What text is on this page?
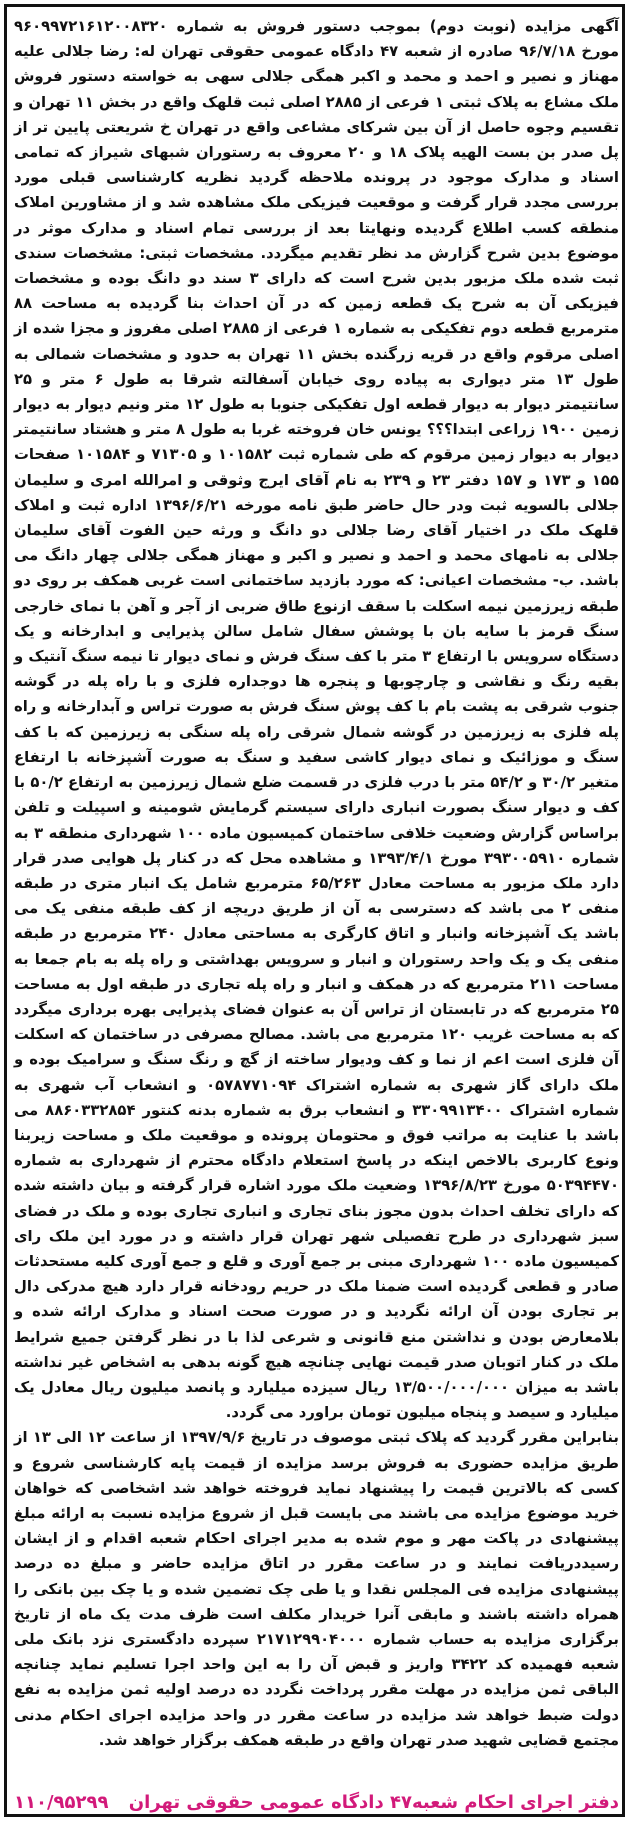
آگهی مزایده (نوبت دوم) بموجب دستور فروش به شماره ۹۶۰۹۹۷۲۱۶۱۲۰۰۸۳۲۰ مورخ ۹۶/۷/۱۸ صادره از شعبه ۴۷ دادگاه عمومی حقوقی تهران له: رضا جلالی علیه مهناز و نصیر و احمد و محمد و اکبر همگی جلالی سهی به خواسته دستور فروش ملک مشاع به پلاک ثبتی ۱ فرعی از ۲۸۸۵ اصلی ثبت قلهک واقع در بخش ۱۱ تهران و تقسیم وجوه حاصل از آن بین شرکای مشاعی واقع در تهران خ شریعتی پایین تر از پل صدر بن بست الهیه پلاک ۱۸ و ۲۰ معروف به رستوران شبهای شیراز که تمامی اسناد و مدارک موجود در پرونده ملاحظه گردید نظریه کارشناسی قبلی مورد بررسی مجدد قرار گرفت و موقعیت فیزیکی ملک مشاهده شد و از مشاورین املاک منطقه کسب اطلاع گردیده ونهایتا بعد از بررسی تمام اسناد و مدارک موثر در موضوع بدین شرح گزارش مد نظر تقدیم میگردد. مشخصات ثبتی: مشخصات سندی ثبت شده ملک مزبور بدین شرح است که دارای ۳ سند دو دانگ بوده و مشخصات فیزیکی آن به شرح یک قطعه زمین که در آن احداث بنا گردیده به مساحت ۸۸ مترمربع قطعه دوم تفکیکی به شماره ۱ فرعی از ۲۸۸۵ اصلی مفروز و مجزا شده از اصلی مرقوم واقع در قریه زرگنده بخش ۱۱ تهران به حدود و مشخصات شمالی به طول ۱۳ متر دیواری به پیاده روی خیابان آسفالته شرقا به طول ۶ متر و ۲۵ سانتیمتر دیوار به دیوار قطعه اول تفکیکی جنوبا به طول ۱۲ متر ونیم دیوار به دیوار زمین ۱۹۰۰ زراعی ابتدا؟؟؟ یونس خان فروخته غربا به طول ۸ متر و هشتاد سانتیمتر دیوار به دیوار زمین مرقوم که طی شماره ثبت ۱۰۱۵۸۲ و ۷۱۳۰۵ و ۱۰۱۵۸۴ صفحات ۱۵۵ و ۱۷۳ و ۱۵۷ دفتر ۲۳ و ۲۳۹ به نام آقای ایرج وثوقی و امرالله امری و سلیمان جلالی بالسویه ثبت ودر حال حاضر طبق نامه مورخه ۱۳۹۶/۶/۲۱ اداره ثبت و املاک قلهک ملک در اختیار آقای رضا جلالی دو دانگ و ورثه حین الفوت آقای سلیمان جلالی به نامهای محمد و احمد و نصیر و اکبر و مهناز همگی جلالی چهار دانگ می باشد. ب- مشخصات اعیانی: که مورد بازدید ساختمانی است غربی همکف بر روی دو طبقه زیرزمین نیمه اسکلت با سقف ازنوع طاق ضربی از آجر و آهن با نمای خارجی سنگ قرمز با سایه بان با پوشش سفال شامل سالن پذیرایی و ابدارخانه و یک دستگاه سرویس با ارتفاع ۳ متر با کف سنگ فرش و نمای دیوار تا نیمه سنگ آنتیک و بقیه رنگ و نقاشی و چارچوبها و پنجره ها دوجداره فلزی و با راه پله در گوشه جنوب شرقی به پشت بام با کف پوش سنگ فرش به صورت تراس و آبدارخانه و راه پله فلزی به زیرزمین در گوشه شمال شرقی راه پله سنگی به زیرزمین که با کف سنگ و موزائیک و نمای دیوار کاشی سفید و سنگ به صورت آشپزخانه با ارتفاع متغیر ۳۰/۲ و ۵۴/۲ متر با درب فلزی در قسمت ضلع شمال زیرزمین به ارتفاع ۵۰/۲ با کف و دیوار سنگ بصورت انباری دارای سیستم گرمایش شومینه و اسپیلت و تلفن براساس گزارش وضعیت خلافی ساختمان کمیسیون ماده ۱۰۰ شهرداری منطقه ۳ به شماره ۳۹۳۰۰۵۹۱۰ مورخ ۱۳۹۳/۴/۱ و مشاهده محل که در کنار پل هوایی صدر قرار دارد ملک مزبور به مساحت معادل ۶۵/۲۶۳ مترمربع شامل یک انبار متری در طبقه منفی ۲ می باشد که دسترسی به آن از طریق دریچه از کف طبقه منفی یک می باشد یک آشپزخانه وانبار و اتاق کارگری به مساحتی معادل ۲۴۰ مترمربع در طبقه منفی یک و یک واحد رستوران و انبار و سرویس بهداشتی و راه پله به بام جمعا به مساحت ۲۱۱ مترمربع که در همکف و انبار و راه پله تجاری در طبقه اول به مساحت ۲۵ مترمربع که در تابستان از تراس آن به عنوان فضای پذیرایی بهره برداری میگردد که به مساحت غریب ۱۲۰ مترمربع می باشد. مصالح مصرفی در ساختمان که اسکلت آن فلزی است اعم از نما و کف ودیوار ساخته از گچ و رنگ سنگ و سرامیک بوده و ملک دارای گاز شهری به شماره اشتراک ۰۵۷۸۷۷۱۰۹۴ و انشعاب آب شهری به شماره اشتراک ۳۳۰۹۹۱۳۴۰۰ و انشعاب برق به شماره بدنه کنتور ۸۸۶۰۳۳۲۸۵۴ می باشد با عنایت به مراتب فوق و محتومان پرونده و موقعیت ملک و مساحت زیربنا ونوع کاربری بالاخص اینکه در پاسخ استعلام دادگاه محترم از شهرداری به شماره ۵۰۳۹۴۴۷۰ مورخ ۱۳۹۶/۸/۲۳ وضعیت ملک مورد اشاره قرار گرفته و بیان داشته شده که دارای تخلف احداث بدون مجوز بنای تجاری و انباری تجاری بوده و ملک در فضای سبز شهرداری در طرح تفصیلی شهر تهران قرار داشته و در مورد این ملک رای کمیسیون ماده ۱۰۰ شهرداری مبنی بر جمع آوری و قلع و جمع آوری کلیه مستحدثات صادر و قطعی گردیده است ضمنا ملک در حریم رودخانه قرار دارد هیچ مدرکی دال بر تجاری بودن آن ارائه نگردید و در صورت صحت اسناد و مدارک ارائه شده و بلامعارض بودن و نداشتن منع قانونی و شرعی لذا با در نظر گرفتن جمیع شرایط ملک در کنار اتوبان صدر قیمت نهایی چنانچه هیچ گونه بدهی به اشخاص غیر نداشته باشد به میزان ۱۳/۵۰۰/۰۰۰/۰۰۰ ریال سیزده میلیارد و پانصد میلیون ریال معادل یک میلیارد و سیصد و پنجاه میلیون تومان براورد می گردد.

بنابراین مقرر گردید که پلاک ثبتی موصوف در تاریخ ۱۳۹۷/۹/۶ از ساعت ۱۲ الی ۱۳ از طریق مزایده حضوری به فروش برسد مزایده از قیمت پایه کارشناسی شروع و کسی که بالاترین قیمت را پیشنهاد نماید فروخته خواهد شد اشخاصی که خواهان خرید موضوع مزایده می باشند می بایست قبل از شروع مزایده نسبت به ارائه مبلغ پیشنهادی در پاکت مهر و موم شده به مدیر اجرای احکام شعبه اقدام و از ایشان رسیددریافت نمایند و در ساعت مقرر در اتاق مزایده حاضر و مبلغ ده درصد پیشنهادی مزایده فی المجلس نقدا و یا طی چک تضمین شده و یا چک بین بانکی را همراه داشته باشند و مابقی آنرا خریدار مکلف است ظرف مدت یک ماه از تاریخ برگزاری مزایده به حساب شماره ۲۱۷۱۲۹۹۰۴۰۰۰ سپرده دادگستری نزد بانک ملی شعبه فهمیده کد ۳۴۲۲ واریز و قبض آن را به این واحد اجرا تسلیم نماید چنانچه الباقی ثمن مزایده در مهلت مقرر پرداخت نگردد ده درصد اولیه ثمن مزایده به نفع دولت ضبط خواهد شد مزایده در ساعت مقرر در واحد مزایده اجرای احکام مدنی مجتمع قضایی شهید صدر تهران واقع در طبقه همکف برگزار خواهد شد.

دفتر اجرای احکام شعبه۴۷ دادگاه عمومی حقوقی تهران
۱۱۰/۹۵۲۹۹
